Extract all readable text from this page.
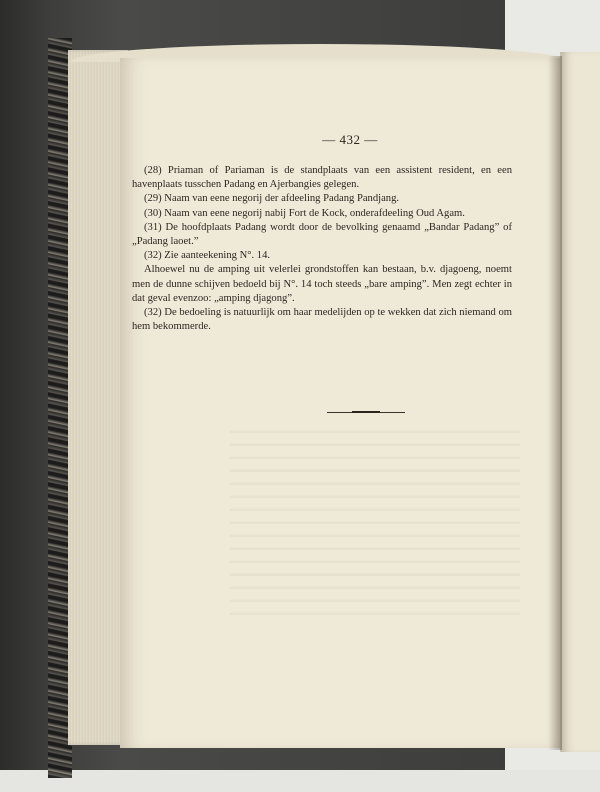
— 432 —

(28) Priaman of Pariaman is de standplaats van een assistent resident, en een havenplaats tusschen Padang en Ajerbangies gelegen.

(29) Naam van eene negorij der afdeeling Padang Pandjang.

(30) Naam van eene negorij nabij Fort de Kock, onderafdeeling Oud Agam.

(31) De hoofdplaats Padang wordt door de bevolking genaamd „Bandar Padang” of „Padang laoet.”

(32) Zie aanteekening N°. 14.

Alhoewel nu de amping uit velerlei grondstoffen kan bestaan, b.v. djagoeng, noemt men de dunne schijven bedoeld bij N°. 14 toch steeds „bare amping”. Men zegt echter in dat geval evenzoo: „amping djagong”.

(32) De bedoeling is natuurlijk om haar medelijden op te wekken dat zich niemand om hem bekommerde.
